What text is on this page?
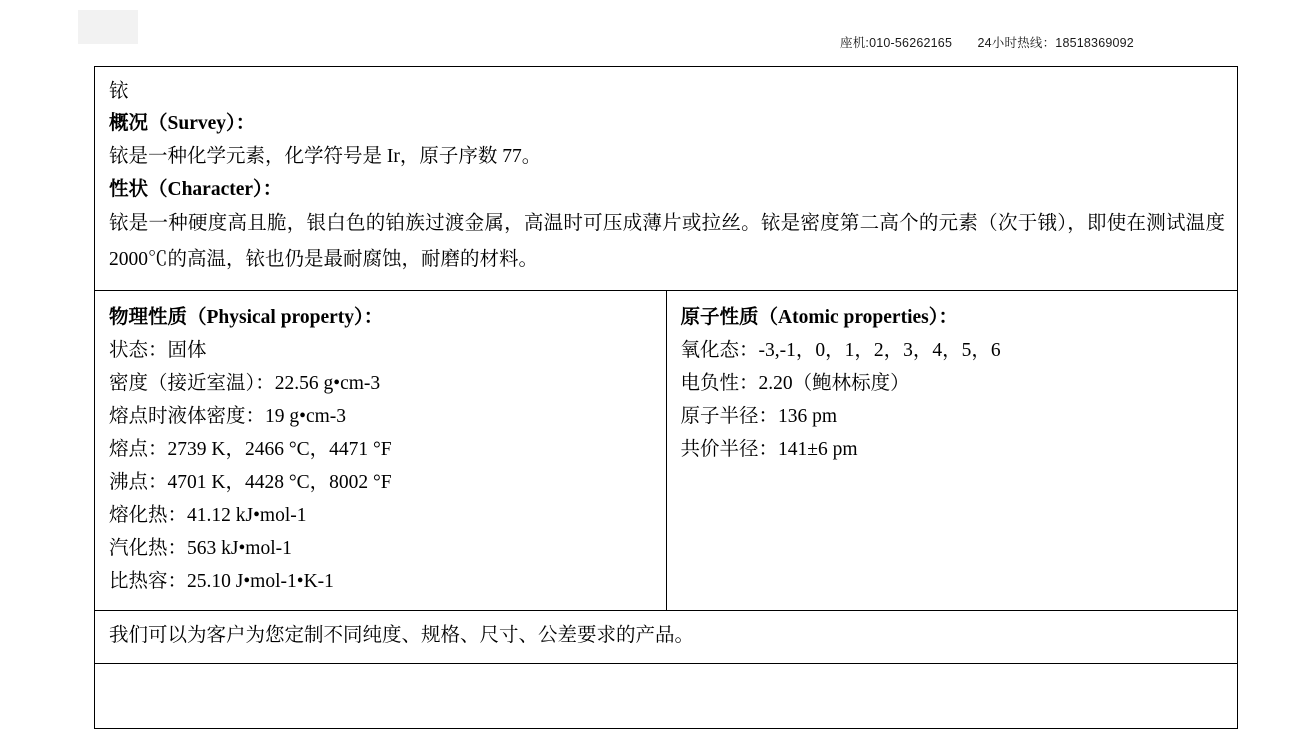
座机:010-56262165 24小时热线：18518369092
铱
概况（Survey）：
铱是一种化学元素，化学符号是 Ir，原子序数 77。
性状（Character）：
铱是一种硬度高且脆，银白色的铂族过渡金属，高温时可压成薄片或拉丝。铱是密度第二高个的元素（次于锇），即使在测试温度 2000℃的高温，铱也仍是最耐腐蚀，耐磨的材料。

物理性质（Physical property）：
状态：固体
密度（接近室温）：22.56 g•cm-3
熔点时液体密度：19 g•cm-3
熔点：2739 K，2466 °C，4471 °F
沸点：4701 K，4428 °C，8002 °F
熔化热：41.12 kJ•mol-1
汽化热：563 kJ•mol-1
比热容：25.10 J•mol-1•K-1

原子性质（Atomic properties）：
氧化态：-3,-1，0，1，2，3，4，5，6
电负性：2.20（鲍林标度）
原子半径：136 pm
共价半径：141±6 pm

我们可以为客户为您定制不同纯度、规格、尺寸、公差要求的产品。
